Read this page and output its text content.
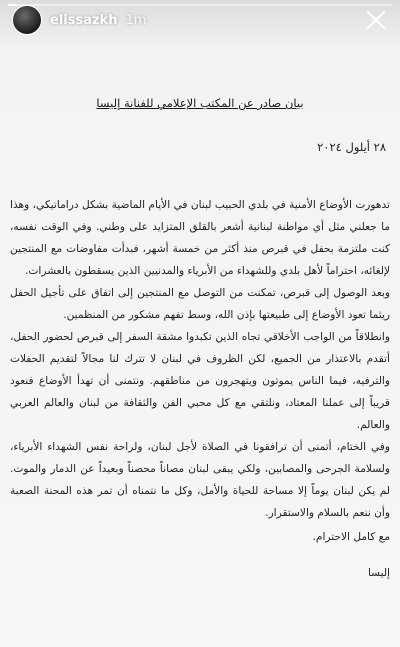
elissazkh 1m
بيان صادر عن المكتب الإعلامي للفنانة إليسا
٢٨ أيلول ٢٠٢٤

تدهورت الأوضاع الأمنية في بلدي الحبيب لبنان في الأيام الماضية بشكل دراماتيكي، وهذا ما جعلني مثل أي مواطنة لبنانية أشعر بالقلق المتزايد على وطني. وفي الوقت نفسه، كنت ملتزمة بحفل في قبرص منذ أكثر من خمسة أشهر، فبدأت مفاوضات مع المنتجين لإلغائه، احتراماً لأهل بلدي وللشهداء من الأبرياء والمدنيين الذين يسقطون بالعشرات.

وبعد الوصول إلى قبرص، تمكنت من التوصل مع المنتجين إلى اتفاق على تأجيل الحفل ريثما تعود الأوضاع إلى طبيعتها بإذن الله، وسط تفهم مشكور من المنظمين.

وانطلاقاً من الواجب الأخلاقي تجاه الذين تكبدوا مشقة السفر إلى قبرص لحضور الحفل، أتقدم بالاعتذار من الجميع، لكن الظروف في لبنان لا تترك لنا مجالاً لتقديم الحفلات والترفيه، فيما الناس يموتون ويتهجرون من مناطقهم. ونتمنى أن تهدأ الأوضاع فنعود قريباً إلى عملنا المعتاد، ونلتقي مع كل محبي الفن والثقافة من لبنان والعالم العربي والعالم.

وفي الختام، أتمنى أن ترافقونا في الصلاة لأجل لبنان، ولراحة نفس الشهداء الأبرياء، ولسلامة الجرحى والمصابين، ولكي يبقى لبنان مصاناً محصناً وبعيداً عن الدمار والموت. لم يكن لبنان يوماً إلا مساحة للحياة والأمل، وكل ما نتمناه أن تمر هذه المحنة الصعبة وأن ننعم بالسلام والاستقرار.

مع كامل الاحترام.

إليسا
